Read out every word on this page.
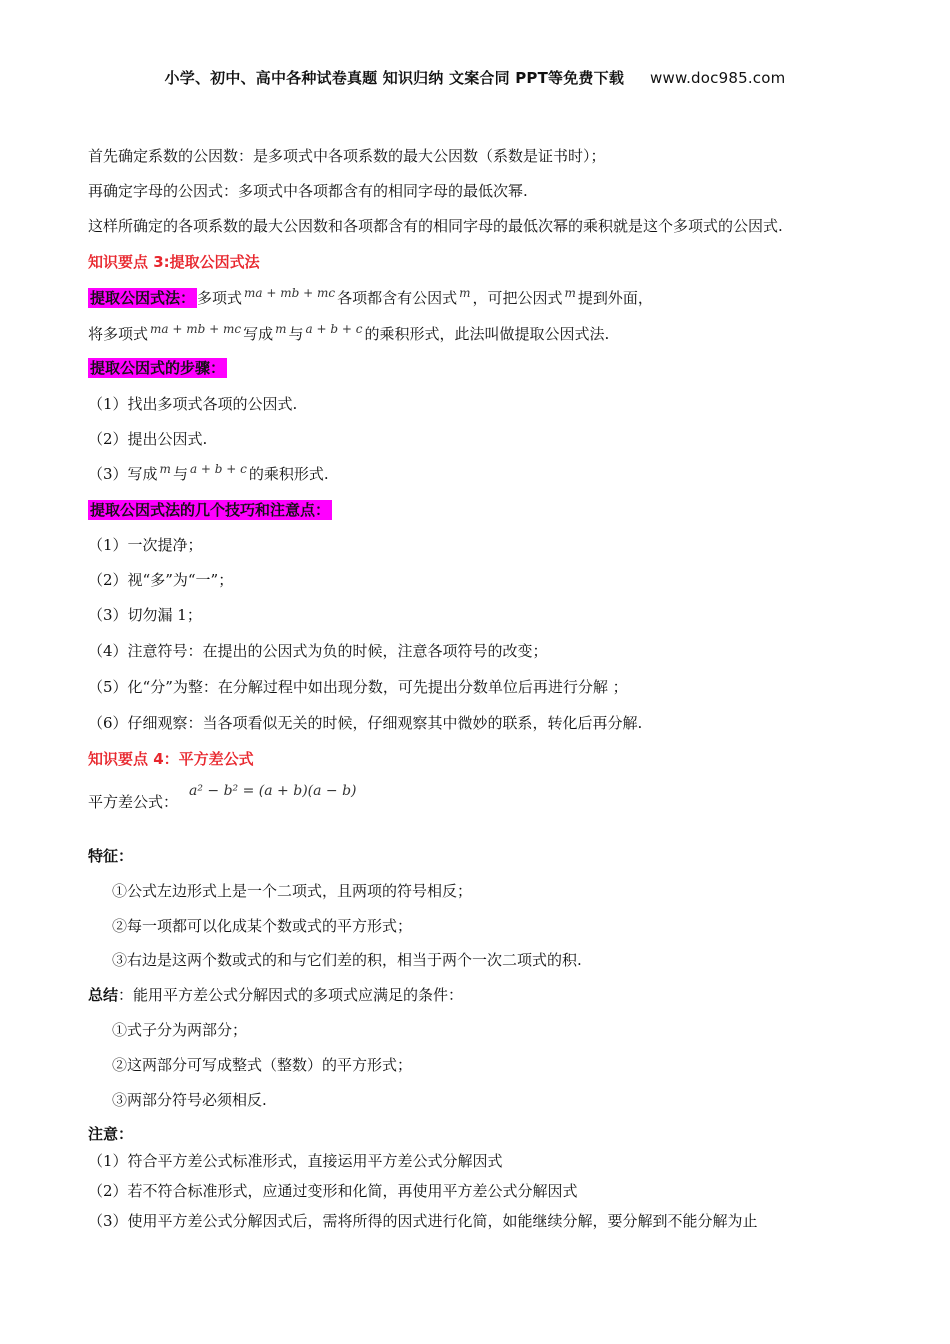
小学、初中、高中各种试卷真题 知识归纳 文案合同 PPT等免费下载 www.doc985.com
首先确定系数的公因数：是多项式中各项系数的最大公因数（系数是证书时）；
再确定字母的公因式：多项式中各项都含有的相同字母的最低次幂.
这样所确定的各项系数的最大公因数和各项都含有的相同字母的最低次幂的乘积就是这个多项式的公因式.
知识要点 3:提取公因式法
提取公因式法： 多项式 $^{ma + mb + mc}$ 各项都含有公因式 $^m$ ，可把公因式 $^m$ 提到外面，
将多项式 $^{ma + mb + mc}$ 写成 $^m$ 与 $^{a + b + c}$ 的乘积形式，此法叫做提取公因式法.
提取公因式的步骤：
（1）找出多项式各项的公因式.
（2）提出公因式.
（3）写成 $^m$ 与 $^{a + b + c}$ 的乘积形式.
提取公因式法的几个技巧和注意点：
（1）一次提净；
（2）视“多”为“一”；
（3）切勿漏 1；
（4）注意符号：在提出的公因式为负的时候，注意各项符号的改变；
（5）化“分”为整：在分解过程中如出现分数，可先提出分数单位后再进行分解 ；
（6）仔细观察：当各项看似无关的时候，仔细观察其中微妙的联系，转化后再分解.
知识要点 4：平方差公式
平方差公式：
a² − b² = (a + b)(a − b)
特征：
①公式左边形式上是一个二项式，且两项的符号相反；
②每一项都可以化成某个数或式的平方形式；
③右边是这两个数或式的和与它们差的积，相当于两个一次二项式的积.
总结：能用平方差公式分解因式的多项式应满足的条件：
①式子分为两部分；
②这两部分可写成整式（整数）的平方形式；
③两部分符号必须相反.
注意：
（1）符合平方差公式标准形式，直接运用平方差公式分解因式
（2）若不符合标准形式，应通过变形和化简，再使用平方差公式分解因式
（3）使用平方差公式分解因式后，需将所得的因式进行化简，如能继续分解，要分解到不能分解为止
